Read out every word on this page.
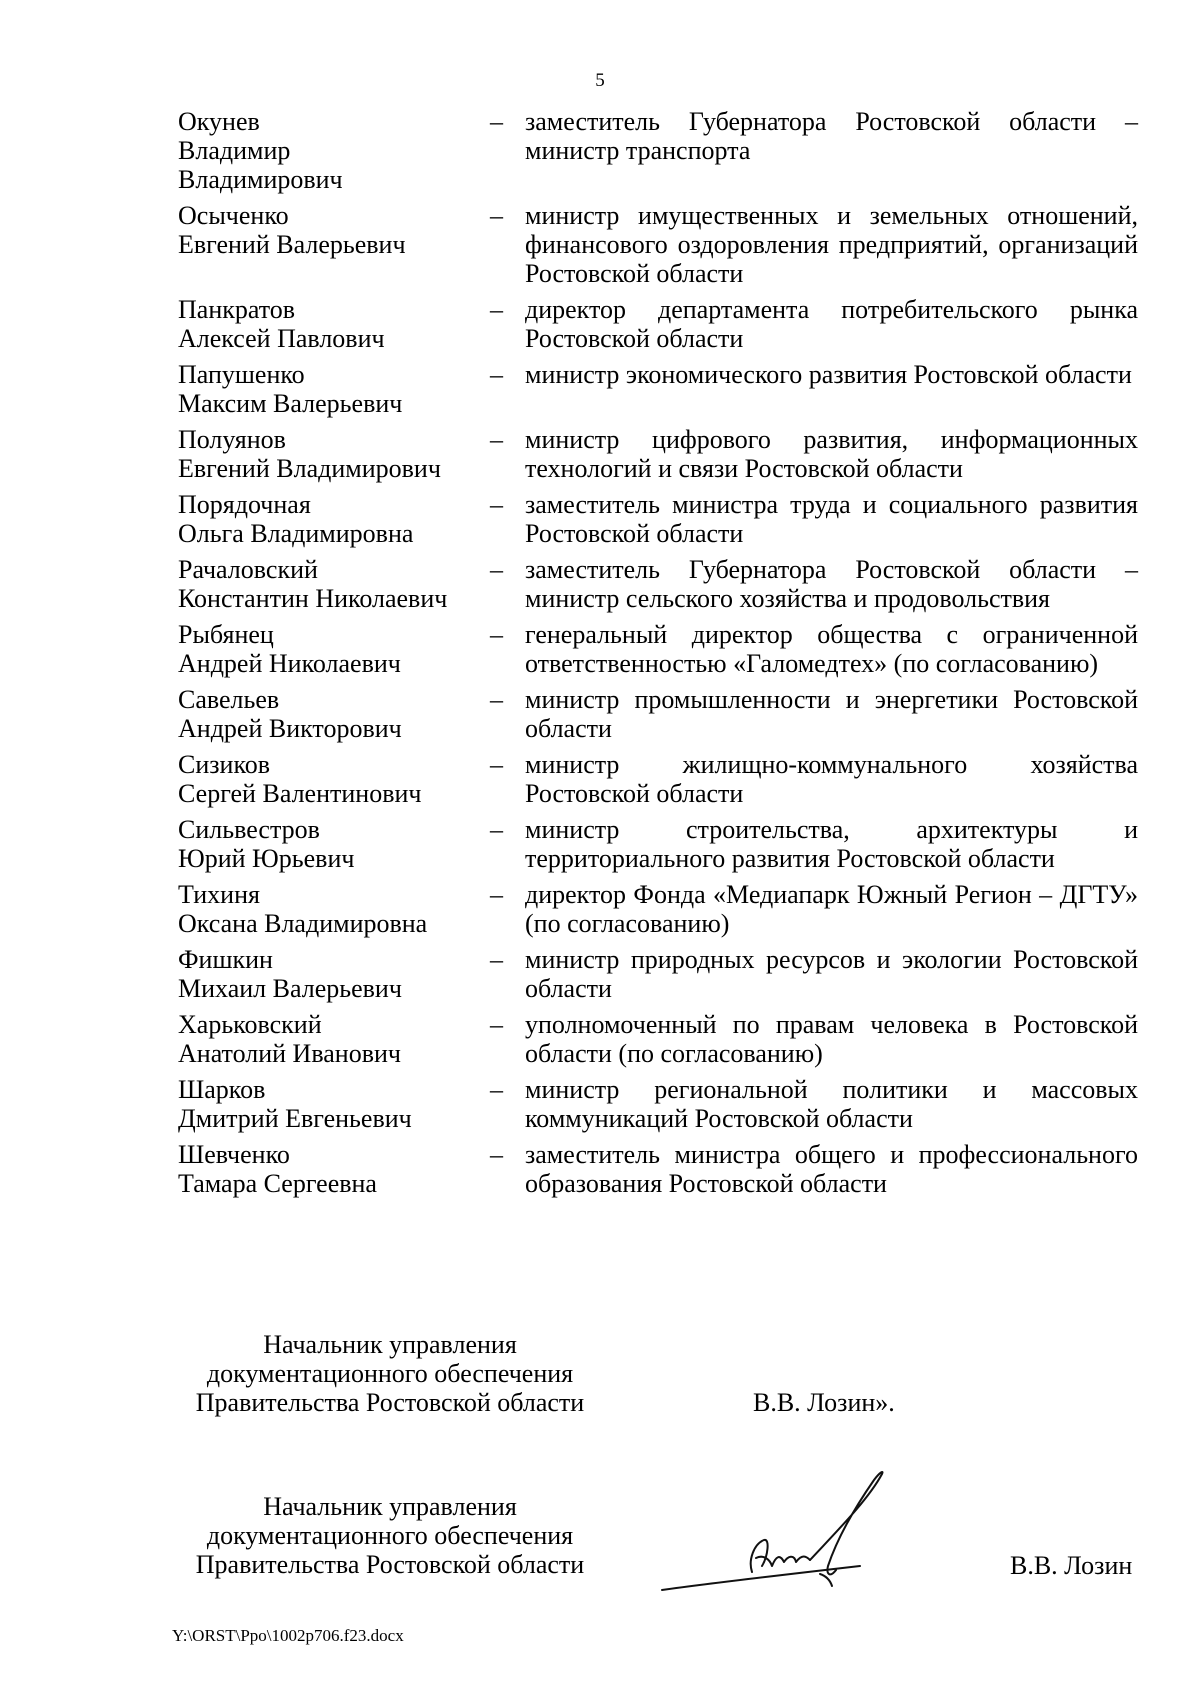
5
Окунев
Владимир
Владимирович
– заместитель Губернатора Ростовской области – министр транспорта
Осыченко
Евгений Валерьевич
– министр имущественных и земельных отношений, финансового оздоровления предприятий, организаций Ростовской области
Панкратов
Алексей Павлович
– директор департамента потребительского рынка Ростовской области
Папушенко
Максим Валерьевич
– министр экономического развития Ростовской области
Полуянов
Евгений Владимирович
– министр цифрового развития, информационных технологий и связи Ростовской области
Порядочная
Ольга Владимировна
– заместитель министра труда и социального развития Ростовской области
Рачаловский
Константин Николаевич
– заместитель Губернатора Ростовской области – министр сельского хозяйства и продовольствия
Рыбянец
Андрей Николаевич
– генеральный директор общества с ограниченной ответственностью «Галомедтех» (по согласованию)
Савельев
Андрей Викторович
– министр промышленности и энергетики Ростовской области
Сизиков
Сергей Валентинович
– министр жилищно-коммунального хозяйства Ростовской области
Сильвестров
Юрий Юрьевич
– министр строительства, архитектуры и территориального развития Ростовской области
Тихиня
Оксана Владимировна
– директор Фонда «Медиапарк Южный Регион – ДГТУ» (по согласованию)
Фишкин
Михаил Валерьевич
– министр природных ресурсов и экологии Ростовской области
Харьковский
Анатолий Иванович
– уполномоченный по правам человека в Ростовской области (по согласованию)
Шарков
Дмитрий Евгеньевич
– министр региональной политики и массовых коммуникаций Ростовской области
Шевченко
Тамара Сергеевна
– заместитель министра общего и профессионального образования Ростовской области
Начальник управления
документационного обеспечения
Правительства Ростовской области	В.В. Лозин».
Начальник управления
документационного обеспечения
Правительства Ростовской области	В.В. Лозин
Y:\ORST\Ppo\1002p706.f23.docx
